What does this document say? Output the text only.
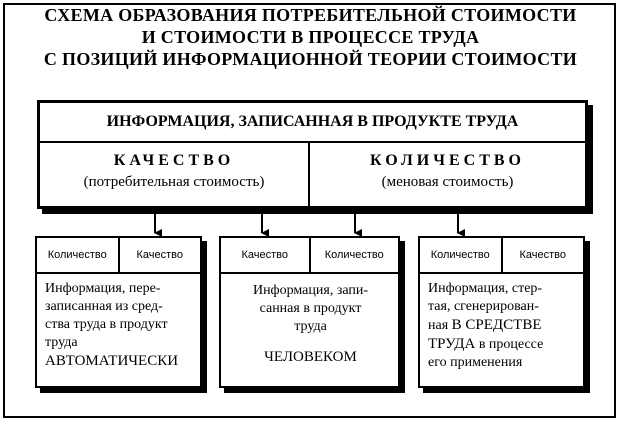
СХЕМА ОБРАЗОВАНИЯ ПОТРЕБИТЕЛЬНОЙ СТОИМОСТИ
И СТОИМОСТИ В ПРОЦЕССЕ ТРУДА
С ПОЗИЦИЙ ИНФОРМАЦИОННОЙ ТЕОРИИ СТОИМОСТИ
ИНФОРМАЦИЯ, ЗАПИСАННАЯ В ПРОДУКТЕ ТРУДА
КАЧЕСТВО
(потребительная стоимость)
КОЛИЧЕСТВО
(меновая стоимость)
Количество	Качество
Информация, пере-
записанная из сред-
ства труда в продукт
труда
АВТОМАТИЧЕСКИ
Качество	Количество
Информация, запи-
санная в продукт
труда
ЧЕЛОВЕКОМ
Количество	Качество
Информация, стер-
тая, сгенерирован-
ная В СРЕДСТВЕ
ТРУДА в процессе
его применения
